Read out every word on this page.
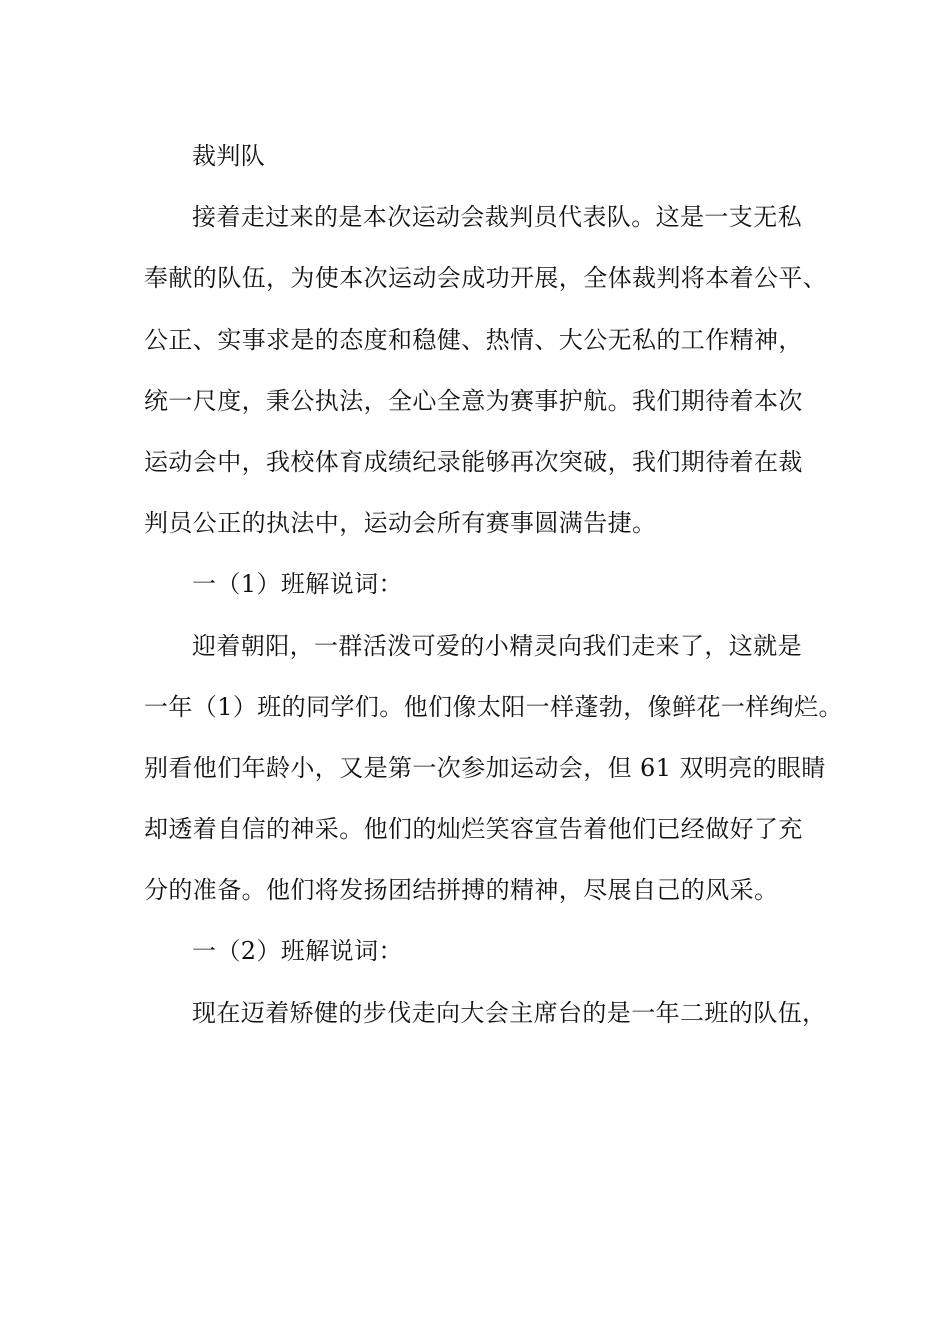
裁判队
接着走过来的是本次运动会裁判员代表队。这是一支无私
奉献的队伍，为使本次运动会成功开展，全体裁判将本着公平、
公正、实事求是的态度和稳健、热情、大公无私的工作精神，
统一尺度，秉公执法，全心全意为赛事护航。我们期待着本次
运动会中，我校体育成绩纪录能够再次突破，我们期待着在裁
判员公正的执法中，运动会所有赛事圆满告捷。
一（1）班解说词：
迎着朝阳，一群活泼可爱的小精灵向我们走来了，这就是
一年（1）班的同学们。他们像太阳一样蓬勃，像鲜花一样绚烂。
别看他们年龄小，又是第一次参加运动会，但 61 双明亮的眼睛
却透着自信的神采。他们的灿烂笑容宣告着他们已经做好了充
分的准备。他们将发扬团结拼搏的精神，尽展自己的风采。
一（2）班解说词：
现在迈着矫健的步伐走向大会主席台的是一年二班的队伍，
